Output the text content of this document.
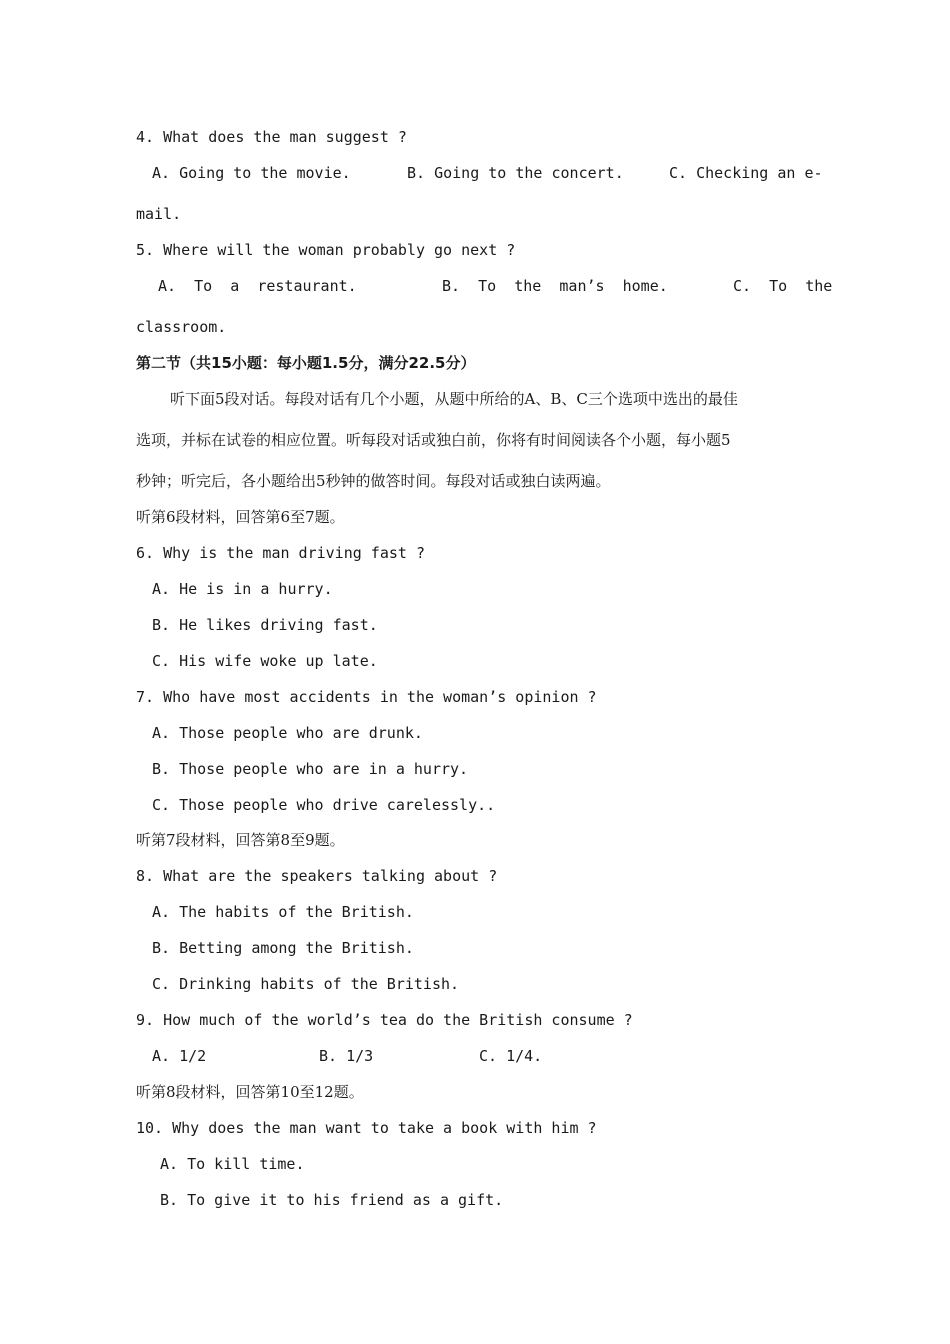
4. What does the man suggest ?
A. Going to the movie.	B. Going to the concert.	C. Checking an e-
mail.
5. Where will the woman probably go next ?
A.  To  a  restaurant.	B.  To  the  man’s  home.	C.  To  the
classroom.
第二节（共15小题：每小题1.5分，满分22.5分）
听下面5段对话。每段对话有几个小题，从题中所给的A、B、C三个选项中选出的最佳
选项，并标在试卷的相应位置。听每段对话或独白前，你将有时间阅读各个小题，每小题5
秒钟；听完后，各小题给出5秒钟的做答时间。每段对话或独白读两遍。
听第6段材料，回答第6至7题。
6. Why is the man driving fast ?
A. He is in a hurry.
B. He likes driving fast.
C. His wife woke up late.
7. Who have most accidents in the woman’s opinion ?
A. Those people who are drunk.
B. Those people who are in a hurry.
C. Those people who drive carelessly..
听第7段材料，回答第8至9题。
8. What are the speakers talking about ?
A. The habits of the British.
B. Betting among the British.
C. Drinking habits of the British.
9. How much of the world’s tea do the British consume ?
A. 1/2	B. 1/3	C. 1/4.
听第8段材料，回答第10至12题。
10. Why does the man want to take a book with him ?
A. To kill time.
B. To give it to his friend as a gift.
